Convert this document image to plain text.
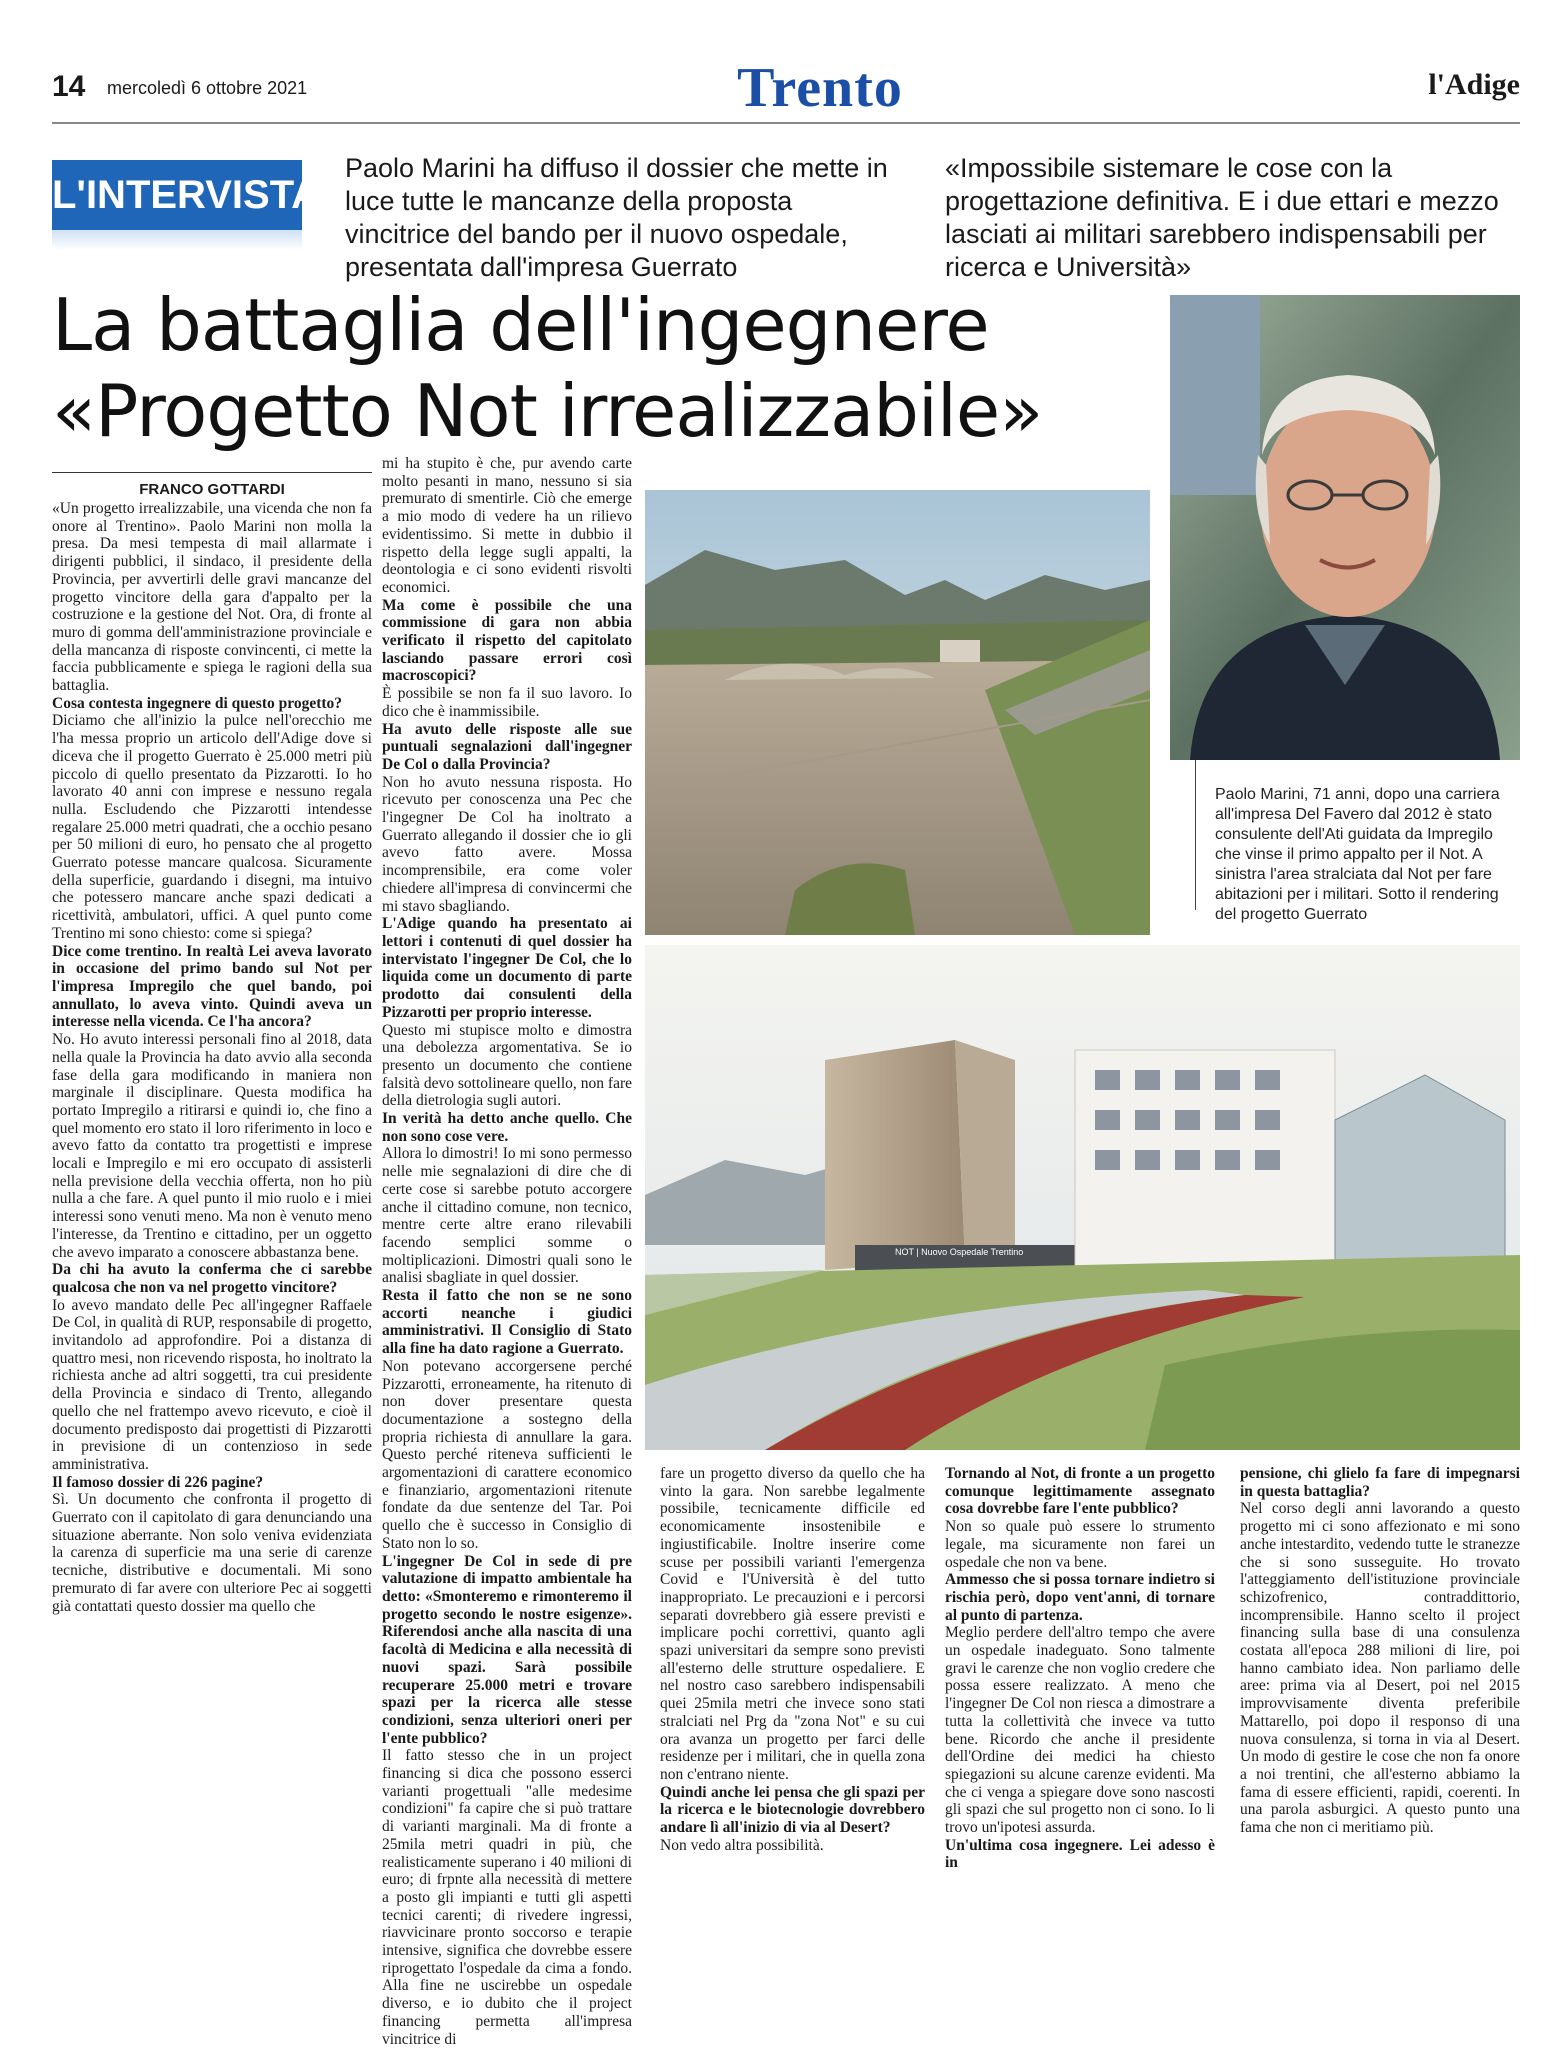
14 mercoledì 6 ottobre 2021	Trento	l'Adige
L'INTERVISTA
Paolo Marini ha diffuso il dossier che mette in luce tutte le mancanze della proposta vincitrice del bando per il nuovo ospedale, presentata dall'impresa Guerrato
«Impossibile sistemare le cose con la progettazione definitiva. E i due ettari e mezzo lasciati ai militari sarebbero indispensabili per ricerca e Università»
La battaglia dell'ingegnere
«Progetto Not irrealizzabile»
FRANCO GOTTARDI

«Un progetto irrealizzabile, una vicenda che non fa onore al Trentino». Paolo Marini non molla la presa. Da mesi tempesta di mail allarmate i dirigenti pubblici, il sindaco, il presidente della Provincia, per avvertirli delle gravi mancanze del progetto vincitore della gara d'appalto per la costruzione e la gestione del Not. Ora, di fronte al muro di gomma dell'amministrazione provinciale e della mancanza di risposte convincenti, ci mette la faccia pubblicamente e spiega le ragioni della sua battaglia.

Cosa contesta ingegnere di questo progetto?

Diciamo che all'inizio la pulce nell'orecchio me l'ha messa proprio un articolo dell'Adige dove si diceva che il progetto Guerrato è 25.000 metri più piccolo di quello presentato da Pizzarotti. Io ho lavorato 40 anni con imprese e nessuno regala nulla. Escludendo che Pizzarotti intendesse regalare 25.000 metri quadrati, che a occhio pesano per 50 milioni di euro, ho pensato che al progetto Guerrato potesse mancare qualcosa. Sicuramente della superficie, guardando i disegni, ma intuivo che potessero mancare anche spazi dedicati a ricettività, ambulatori, uffici. A quel punto come Trentino mi sono chiesto: come si spiega?

Dice come trentino. In realtà Lei aveva lavorato in occasione del primo bando sul Not per l'impresa Impregilo che quel bando, poi annullato, lo aveva vinto. Quindi aveva un interesse nella vicenda. Ce l'ha ancora?

No. Ho avuto interessi personali fino al 2018, data nella quale la Provincia ha dato avvio alla seconda fase della gara modificando in maniera non marginale il disciplinare. Questa modifica ha portato Impregilo a ritirarsi e quindi io, che fino a quel momento ero stato il loro riferimento in loco e avevo fatto da contatto tra progettisti e imprese locali e Impregilo e mi ero occupato di assisterli nella previsione della vecchia offerta, non ho più nulla a che fare. A quel punto il mio ruolo e i miei interessi sono venuti meno. Ma non è venuto meno l'interesse, da Trentino e cittadino, per un oggetto che avevo imparato a conoscere abbastanza bene.

Da chi ha avuto la conferma che ci sarebbe qualcosa che non va nel progetto vincitore?

Io avevo mandato delle Pec all'ingegner Raffaele De Col, in qualità di RUP, responsabile di progetto, invitandolo ad approfondire. Poi a distanza di quattro mesi, non ricevendo risposta, ho inoltrato la richiesta anche ad altri soggetti, tra cui presidente della Provincia e sindaco di Trento, allegando quello che nel frattempo avevo ricevuto, e cioè il documento predisposto dai progettisti di Pizzarotti in previsione di un contenzioso in sede amministrativa.

Il famoso dossier di 226 pagine?

Sì. Un documento che confronta il progetto di Guerrato con il capitolato di gara denunciando una situazione aberrante. Non solo veniva evidenziata la carenza di superficie ma una serie di carenze tecniche, distributive e documentali. Mi sono premurato di far avere con ulteriore Pec ai soggetti già contattati questo dossier ma quello che

mi ha stupito è che, pur avendo carte molto pesanti in mano, nessuno si sia premurato di smentirle. Ciò che emerge a mio modo di vedere ha un rilievo evidentissimo. Si mette in dubbio il rispetto della legge sugli appalti, la deontologia e ci sono evidenti risvolti economici.

Ma come è possibile che una commissione di gara non abbia verificato il rispetto del capitolato lasciando passare errori così macroscopici?

È possibile se non fa il suo lavoro. Io dico che è inammissibile.

Ha avuto delle risposte alle sue puntuali segnalazioni dall'ingegner De Col o dalla Provincia?

Non ho avuto nessuna risposta. Ho ricevuto per conoscenza una Pec che l'ingegner De Col ha inoltrato a Guerrato allegando il dossier che io gli avevo fatto avere. Mossa incomprensibile, era come voler chiedere all'impresa di convincermi che mi stavo sbagliando.

L'Adige quando ha presentato ai lettori i contenuti di quel dossier ha intervistato l'ingegner De Col, che lo liquida come un documento di parte prodotto dai consulenti della Pizzarotti per proprio interesse.

Questo mi stupisce molto e dimostra una debolezza argomentativa. Se io presento un documento che contiene falsità devo sottolineare quello, non fare della dietrologia sugli autori.

In verità ha detto anche quello. Che non sono cose vere.

Allora lo dimostri! Io mi sono permesso nelle mie segnalazioni di dire che di certe cose si sarebbe potuto accorgere anche il cittadino comune, non tecnico, mentre certe altre erano rilevabili facendo semplici somme o moltiplicazioni. Dimostri quali sono le analisi sbagliate in quel dossier.

Resta il fatto che non se ne sono accorti neanche i giudici amministrativi. Il Consiglio di Stato alla fine ha dato ragione a Guerrato.

Non potevano accorgersene perché Pizzarotti, erroneamente, ha ritenuto di non dover presentare questa documentazione a sostegno della propria richiesta di annullare la gara. Questo perché riteneva sufficienti le argomentazioni di carattere economico e finanziario, argomentazioni ritenute fondate da due sentenze del Tar. Poi quello che è successo in Consiglio di Stato non lo so.

L'ingegner De Col in sede di pre valutazione di impatto ambientale ha detto: «Smonteremo e rimonteremo il progetto secondo le nostre esigenze». Riferendosi anche alla nascita di una facoltà di Medicina e alla necessità di nuovi spazi. Sarà possibile recuperare 25.000 metri e trovare spazi per la ricerca alle stesse condizioni, senza ulteriori oneri per l'ente pubblico?

Il fatto stesso che in un project financing si dica che possono esserci varianti progettuali "alle medesime condizioni" fa capire che si può trattare di varianti marginali. Ma di fronte a 25mila metri quadri in più, che realisticamente superano i 40 milioni di euro; di frpnte alla necessità di mettere a posto gli impianti e tutti gli aspetti tecnici carenti; di rivedere ingressi, riavvicinare pronto soccorso e terapie intensive, significa che dovrebbe essere riprogettato l'ospedale da cima a fondo. Alla fine ne uscirebbe un ospedale diverso, e io dubito che il project financing permetta all'impresa vincitrice di

fare un progetto diverso da quello che ha vinto la gara. Non sarebbe legalmente possibile, tecnicamente difficile ed economicamente insostenibile e ingiustificabile. Inoltre inserire come scuse per possibili varianti l'emergenza Covid e l'Università è del tutto inappropriato. Le precauzioni e i percorsi separati dovrebbero già essere previsti e implicare pochi correttivi, quanto agli spazi universitari da sempre sono previsti all'esterno delle strutture ospedaliere. E nel nostro caso sarebbero indispensabili quei 25mila metri che invece sono stati stralciati nel Prg da "zona Not" e su cui ora avanza un progetto per farci delle residenze per i militari, che in quella zona non c'entrano niente.

Quindi anche lei pensa che gli spazi per la ricerca e le biotecnologie dovrebbero andare lì all'inizio di via al Desert?

Non vedo altra possibilità.

Tornando al Not, di fronte a un progetto comunque legittimamente assegnato cosa dovrebbe fare l'ente pubblico?

Non so quale può essere lo strumento legale, ma sicuramente non farei un ospedale che non va bene.

Ammesso che si possa tornare indietro si rischia però, dopo vent'anni, di tornare al punto di partenza.

Meglio perdere dell'altro tempo che avere un ospedale inadeguato. Sono talmente gravi le carenze che non voglio credere che possa essere realizzato. A meno che l'ingegner De Col non riesca a dimostrare a tutta la collettività che invece va tutto bene. Ricordo che anche il presidente dell'Ordine dei medici ha chiesto spiegazioni su alcune carenze evidenti. Ma che ci venga a spiegare dove sono nascosti gli spazi che sul progetto non ci sono. Io li trovo un'ipotesi assurda.

Un'ultima cosa ingegnere. Lei adesso è in

pensione, chi glielo fa fare di impegnarsi in questa battaglia?

Nel corso degli anni lavorando a questo progetto mi ci sono affezionato e mi sono anche intestardito, vedendo tutte le stranezze che si sono susseguite. Ho trovato l'atteggiamento dell'istituzione provinciale schizofrenico, contraddittorio, incomprensibile. Hanno scelto il project financing sulla base di una consulenza costata all'epoca 288 milioni di lire, poi hanno cambiato idea. Non parliamo delle aree: prima via al Desert, poi nel 2015 improvvisamente diventa preferibile Mattarello, poi dopo il responso di una nuova consulenza, si torna in via al Desert. Un modo di gestire le cose che non fa onore a noi trentini, che all'esterno abbiamo la fama di essere efficienti, rapidi, coerenti. In una parola asburgici. A questo punto una fama che non ci meritiamo più.

Paolo Marini, 71 anni, dopo una carriera all'impresa Del Favero dal 2012 è stato consulente dell'Ati guidata da Impregilo che vinse il primo appalto per il Not. A sinistra l'area stralciata dal Not per fare abitazioni per i militari. Sotto il rendering del progetto Guerrato
NOT | Nuovo Ospedale Trentino
